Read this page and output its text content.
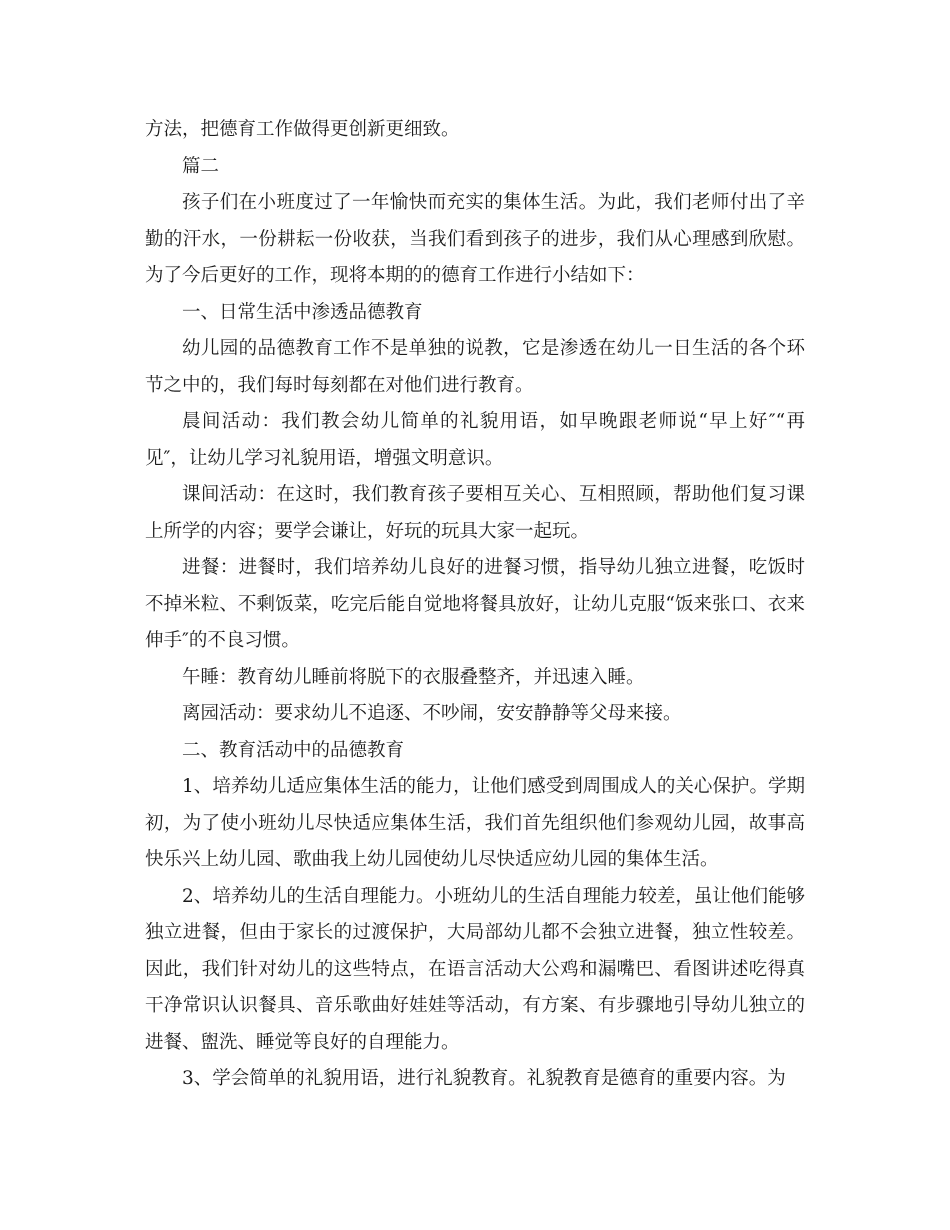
方法，把德育工作做得更创新更细致。

篇二

孩子们在小班度过了一年愉快而充实的集体生活。为此，我们老师付出了辛勤的汗水，一份耕耘一份收获，当我们看到孩子的进步，我们从心理感到欣慰。为了今后更好的工作，现将本期的的德育工作进行小结如下：

一、日常生活中渗透品德教育

幼儿园的品德教育工作不是单独的说教，它是渗透在幼儿一日生活的各个环节之中的，我们每时每刻都在对他们进行教育。

晨间活动：我们教会幼儿简单的礼貌用语，如早晚跟老师说“早上好″“再见″，让幼儿学习礼貌用语，增强文明意识。

课间活动：在这时，我们教育孩子要相互关心、互相照顾，帮助他们复习课上所学的内容；要学会谦让，好玩的玩具大家一起玩。

进餐：进餐时，我们培养幼儿良好的进餐习惯，指导幼儿独立进餐，吃饭时不掉米粒、不剩饭菜，吃完后能自觉地将餐具放好，让幼儿克服“饭来张口、衣来伸手″的不良习惯。

午睡：教育幼儿睡前将脱下的衣服叠整齐，并迅速入睡。

离园活动：要求幼儿不追逐、不吵闹，安安静静等父母来接。

二、教育活动中的品德教育

1、培养幼儿适应集体生活的能力，让他们感受到周围成人的关心保护。学期初，为了使小班幼儿尽快适应集体生活，我们首先组织他们参观幼儿园，故事高快乐兴上幼儿园、歌曲我上幼儿园使幼儿尽快适应幼儿园的集体生活。

2、培养幼儿的生活自理能力。小班幼儿的生活自理能力较差，虽让他们能够独立进餐，但由于家长的过渡保护，大局部幼儿都不会独立进餐，独立性较差。因此，我们针对幼儿的这些特点，在语言活动大公鸡和漏嘴巴、看图讲述吃得真干净常识认识餐具、音乐歌曲好娃娃等活动，有方案、有步骤地引导幼儿独立的进餐、盥洗、睡觉等良好的自理能力。

3、学会简单的礼貌用语，进行礼貌教育。礼貌教育是德育的重要内容。为
